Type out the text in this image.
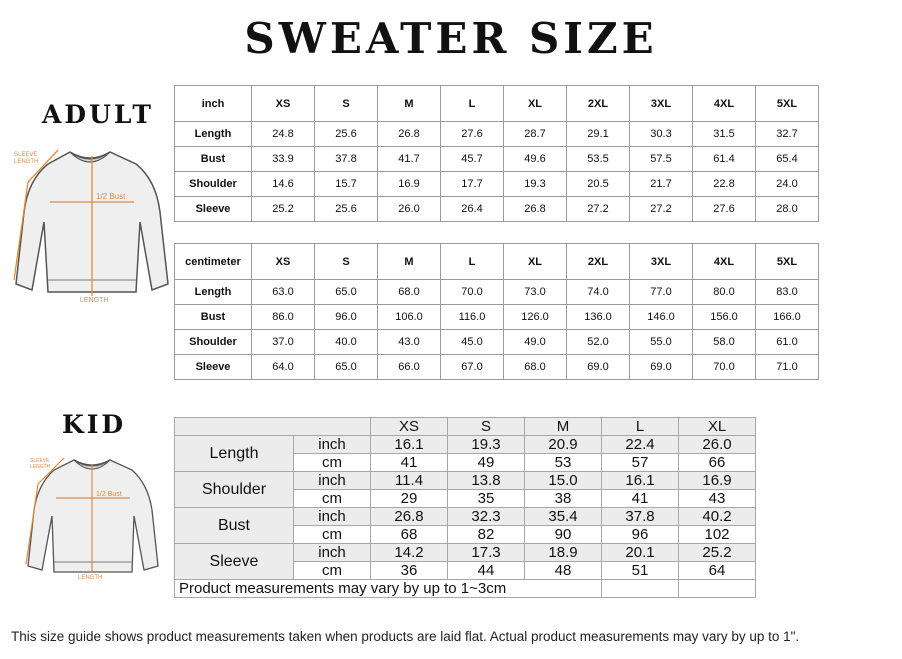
SWEATER SIZE
ADULT
KID
1/2 Bust
SLEEVE
LENGTH
LENGTH
1/2 Bust
SLEEVE
LENGTH
LENGTH
inch	XS	S	M	L	XL	2XL	3XL	4XL	5XL
Length	24.8	25.6	26.8	27.6	28.7	29.1	30.3	31.5	32.7
Bust	33.9	37.8	41.7	45.7	49.6	53.5	57.5	61.4	65.4
Shoulder	14.6	15.7	16.9	17.7	19.3	20.5	21.7	22.8	24.0
Sleeve	25.2	25.6	26.0	26.4	26.8	27.2	27.2	27.6	28.0
centimeter	XS	S	M	L	XL	2XL	3XL	4XL	5XL
Length	63.0	65.0	68.0	70.0	73.0	74.0	77.0	80.0	83.0
Bust	86.0	96.0	106.0	116.0	126.0	136.0	146.0	156.0	166.0
Shoulder	37.0	40.0	43.0	45.0	49.0	52.0	55.0	58.0	61.0
Sleeve	64.0	65.0	66.0	67.0	68.0	69.0	69.0	70.0	71.0
		XS	S	M	L	XL
Length	inch	16.1	19.3	20.9	22.4	26.0
	cm	41	49	53	57	66
Shoulder	inch	11.4	13.8	15.0	16.1	16.9
	cm	29	35	38	41	43
Bust	inch	26.8	32.3	35.4	37.8	40.2
	cm	68	82	90	96	102
Sleeve	inch	14.2	17.3	18.9	20.1	25.2
	cm	36	44	48	51	64
Product measurements may vary by up to 1~3cm						
This size guide shows product measurements taken when products are laid flat. Actual product measurements may vary by up to 1".
